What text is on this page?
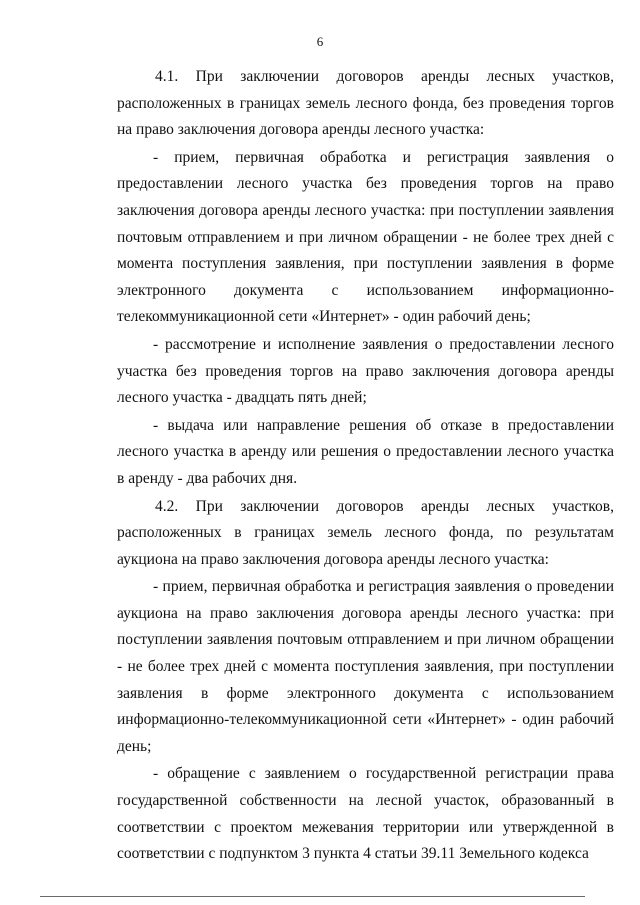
6

4.1. При заключении договоров аренды лесных участков, расположенных в границах земель лесного фонда, без проведения торгов на право заключения договора аренды лесного участка:

- прием, первичная обработка и регистрация заявления о предоставлении лесного участка без проведения торгов на право заключения договора аренды лесного участка: при поступлении заявления почтовым отправлением и при личном обращении - не более трех дней с момента поступления заявления, при поступлении заявления в форме электронного документа с использованием информационно-телекоммуникационной сети «Интернет» - один рабочий день;

- рассмотрение и исполнение заявления о предоставлении лесного участка без проведения торгов на право заключения договора аренды лесного участка - двадцать пять дней;

- выдача или направление решения об отказе в предоставлении лесного участка в аренду или решения о предоставлении лесного участка в аренду - два рабочих дня.

4.2. При заключении договоров аренды лесных участков, расположенных в границах земель лесного фонда, по результатам аукциона на право заключения договора аренды лесного участка:

- прием, первичная обработка и регистрация заявления о проведении аукциона на право заключения договора аренды лесного участка: при поступлении заявления почтовым отправлением и при личном обращении - не более трех дней с момента поступления заявления, при поступлении заявления в форме электронного документа с использованием информационно-телекоммуникационной сети «Интернет» - один рабочий день;

- обращение с заявлением о государственной регистрации права государственной собственности на лесной участок, образованный в соответствии с проектом межевания территории или утвержденной в соответствии с подпунктом 3 пункта 4 статьи 39.11 Земельного кодекса
